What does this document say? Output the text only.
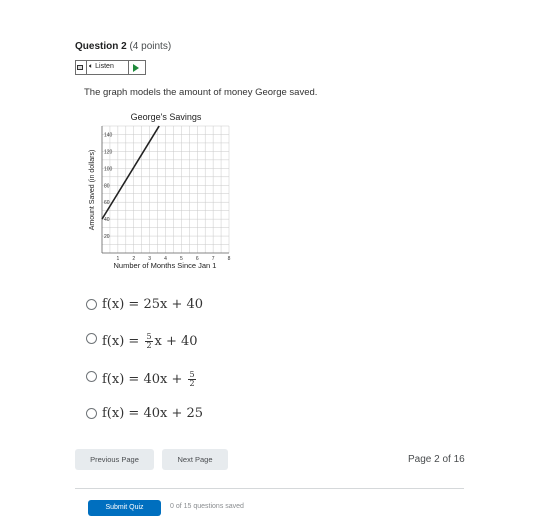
Question 2 (4 points)
🔈︎ Listen
The graph models the amount of money George saved.
George's Savings
20
40
60
80
100
120
140
1	2	3	4	5	6	7	8
Amount Saved (in dollars)
Number of Months Since Jan 1
f(x) = 25x + 40
$f(x) = \frac{5}{2}$ x + 40
$f(x) = 40x + \frac{5}{2}$
f(x) = 40x + 25
Previous Page	Next Page	Page 2 of 16
Submit Quiz	0 of 15 questions saved
